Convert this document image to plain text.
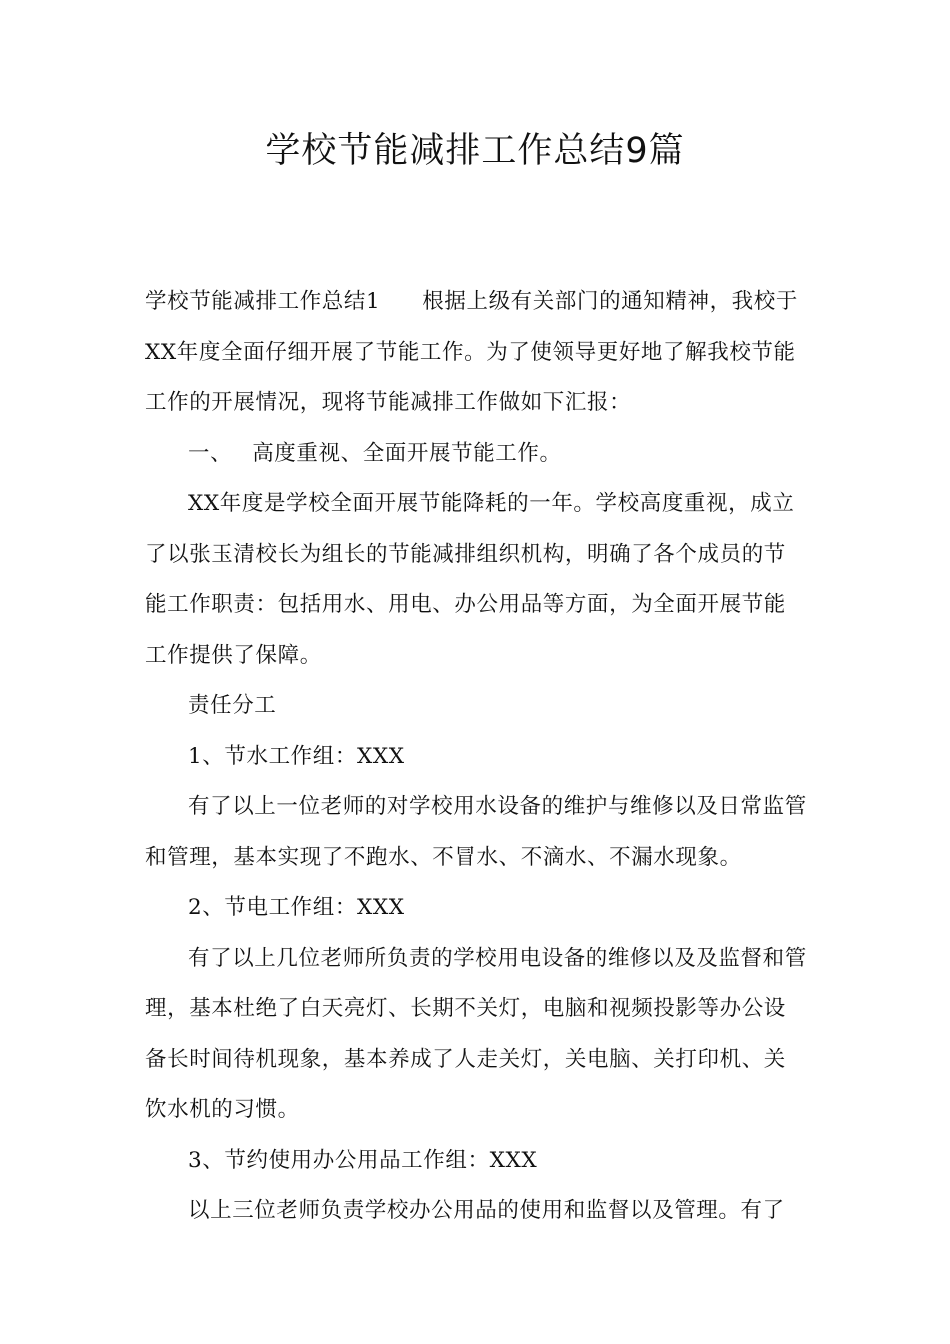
学校节能减排工作总结9篇

学校节能减排工作总结1 根据上级有关部门的通知精神，我校于XX年度全面仔细开展了节能工作。为了使领导更好地了解我校节能工作的开展情况，现将节能减排工作做如下汇报：

一、 高度重视、全面开展节能工作。

XX年度是学校全面开展节能降耗的一年。学校高度重视，成立了以张玉清校长为组长的节能减排组织机构，明确了各个成员的节能工作职责：包括用水、用电、办公用品等方面，为全面开展节能工作提供了保障。

责任分工

1、节水工作组：XXX

有了以上一位老师的对学校用水设备的维护与维修以及日常监管和管理，基本实现了不跑水、不冒水、不滴水、不漏水现象。

2、节电工作组：XXX

有了以上几位老师所负责的学校用电设备的维修以及及监督和管理，基本杜绝了白天亮灯、长期不关灯，电脑和视频投影等办公设备长时间待机现象，基本养成了人走关灯，关电脑、关打印机、关饮水机的习惯。

3、节约使用办公用品工作组：XXX

以上三位老师负责学校办公用品的使用和监督以及管理。有了
